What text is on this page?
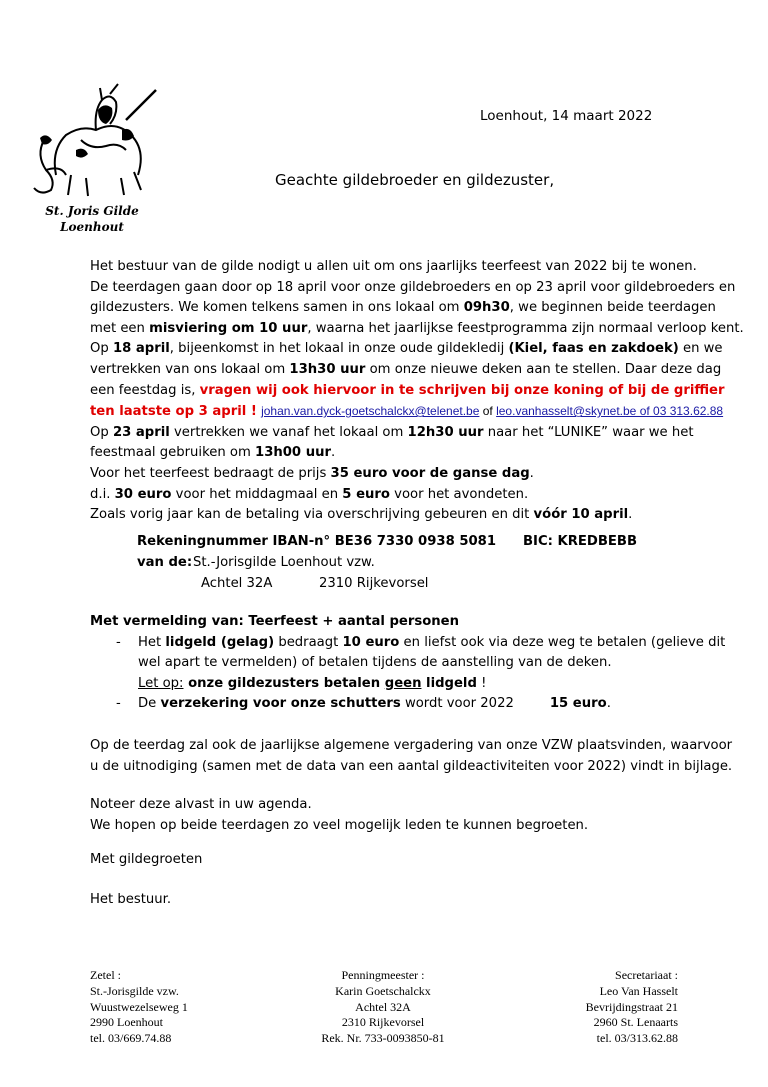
St. Joris Gilde
Loenhout
Loenhout, 14 maart 2022
Geachte gildebroeder en gildezuster,

Het bestuur van de gilde nodigt u allen uit om ons jaarlijks teerfeest van 2022 bij te wonen.

De teerdagen gaan door op 18 april voor onze gildebroeders en op 23 april voor gildebroeders en gildezusters. We komen telkens samen in ons lokaal om 09h30, we beginnen beide teerdagen met een misviering om 10 uur, waarna het jaarlijkse feestprogramma zijn normaal verloop kent.

Op 18 april, bijeenkomst in het lokaal in onze oude gildekledij (Kiel, faas en zakdoek) en we vertrekken van ons lokaal om 13h30 uur om onze nieuwe deken aan te stellen. Daar deze dag een feestdag is, vragen wij ook hiervoor in te schrijven bij onze koning of bij de griffier ten laatste op 3 april ! johan.van.dyck-goetschalckx@telenet.be of leo.vanhasselt@skynet.be of 03 313.62.88

Op 23 april vertrekken we vanaf het lokaal om 12h30 uur naar het “LUNIKE” waar we het feestmaal gebruiken om 13h00 uur.

Voor het teerfeest bedraagt de prijs 35 euro voor de ganse dag.

d.i. 30 euro voor het middagmaal en 5 euro voor het avondeten.

Zoals vorig jaar kan de betaling via overschrijving gebeuren en dit vóór 10 april.

Rekeningnummer IBAN-n° BE36 7330 0938 5081 BIC: KREDBEBB
van de: St.-Jorisgilde Loenhout vzw.
Achtel 32A	2310 Rijkevorsel
Met vermelding van: Teerfeest + aantal personen
- Het lidgeld (gelag) bedraagt 10 euro en liefst ook via deze weg te betalen (gelieve dit wel apart te vermelden) of betalen tijdens de aanstelling van de deken.
Let op: onze gildezusters betalen geen lidgeld !
- De verzekering voor onze schutters wordt voor 2022	15 euro.
Op de teerdag zal ook de jaarlijkse algemene vergadering van onze VZW plaatsvinden, waarvoor u de uitnodiging (samen met de data van een aantal gildeactiviteiten voor 2022) vindt in bijlage.
Noteer deze alvast in uw agenda.
We hopen op beide teerdagen zo veel mogelijk leden te kunnen begroeten.
Met gildegroeten
Het bestuur.
Zetel :
St.-Jorisgilde vzw.
Wuustwezelseweg 1
2990 Loenhout
tel. 03/669.74.88
Penningmeester :
Karin Goetschalckx
Achtel 32A
2310 Rijkevorsel
Rek. Nr. 733-0093850-81
Secretariaat :
Leo Van Hasselt
Bevrijdingstraat 21
2960 St. Lenaarts
tel. 03/313.62.88
